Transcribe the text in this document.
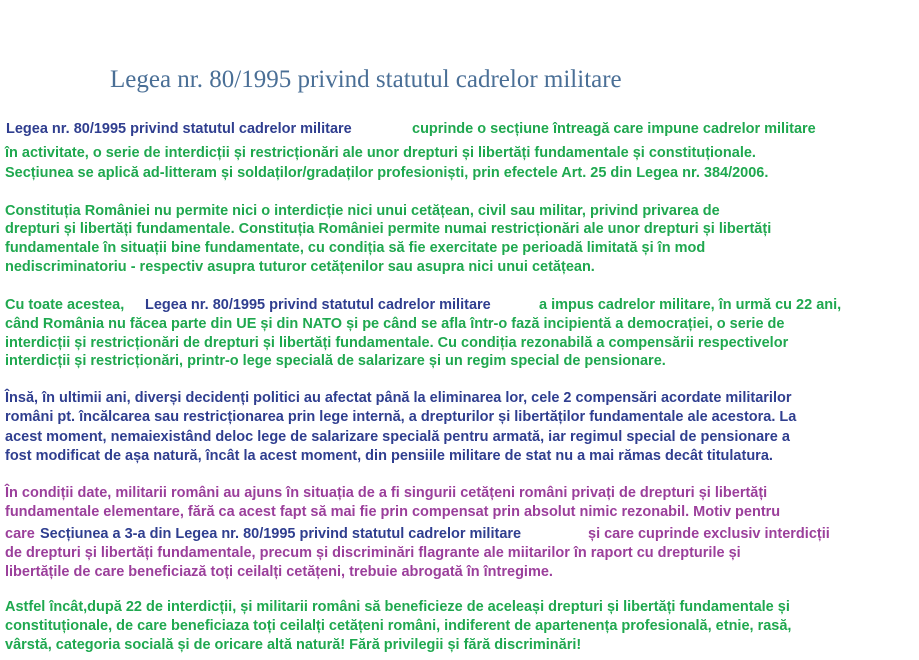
Legea nr. 80/1995 privind statutul cadrelor militare
Legea nr. 80/1995 privind statutul cadrelor militare	cuprinde o secțiune întreagă care impune cadrelor militare
în activitate, o serie de interdicții și restricționări ale unor drepturi și libertăți fundamentale și constituționale.
Secțiunea se aplică ad-litteram și soldaților/gradaților profesioniști, prin efectele Art. 25 din Legea nr. 384/2006.
Constituția României nu permite nici o interdicție nici unui cetățean, civil sau militar, privind privarea de
drepturi și libertăți fundamentale. Constituția României permite numai restricționări ale unor drepturi și libertăți
fundamentale în situații bine fundamentate, cu condiția să fie exercitate pe perioadă limitată și în mod
nediscriminatoriu - respectiv asupra tuturor cetățenilor sau asupra nici unui cetățean.
Cu toate acestea, Legea nr. 80/1995 privind statutul cadrelor militare	a impus cadrelor militare, în urmă cu 22 ani,
când România nu făcea parte din UE și din NATO și pe când se afla într-o fază incipientă a democrației, o serie de
interdicții și restricționări de drepturi și libertăți fundamentale. Cu condiția rezonabilă a compensării respectivelor
interdicții și restricționări, printr-o lege specială de salarizare și un regim special de pensionare.
Însă, în ultimii ani, diverși decidenți politici au afectat până la eliminarea lor, cele 2 compensări acordate militarilor
români pt. încălcarea sau restricționarea prin lege internă, a drepturilor și libertăților fundamentale ale acestora. La
acest moment, nemaiexistând deloc lege de salarizare specială pentru armată, iar regimul special de pensionare a
fost modificat de așa natură, încât la acest moment, din pensiile militare de stat nu a mai rămas decât titulatura.
În condiții date, militarii români au ajuns în situația de a fi singurii cetățeni români privați de drepturi și libertăți
fundamentale elementare, fără ca acest fapt să mai fie prin compensat prin absolut nimic rezonabil. Motiv pentru
care Secțiunea a 3-a din Legea nr. 80/1995 privind statutul cadrelor militare	și care cuprinde exclusiv interdicții
de drepturi și libertăți fundamentale, precum și discriminări flagrante ale miitarilor în raport cu drepturile și
libertățile de care beneficiază toți ceilalți cetățeni, trebuie abrogată în întregime.
Astfel încât,după 22 de interdicții, și militarii români să beneficieze de aceleași drepturi și libertăți fundamentale și
constituționale, de care beneficiaza toți ceilalți cetățeni români, indiferent de apartenența profesională, etnie, rasă,
vârstă, categoria socială și de oricare altă natură! Fără privilegii și fără discriminări!
